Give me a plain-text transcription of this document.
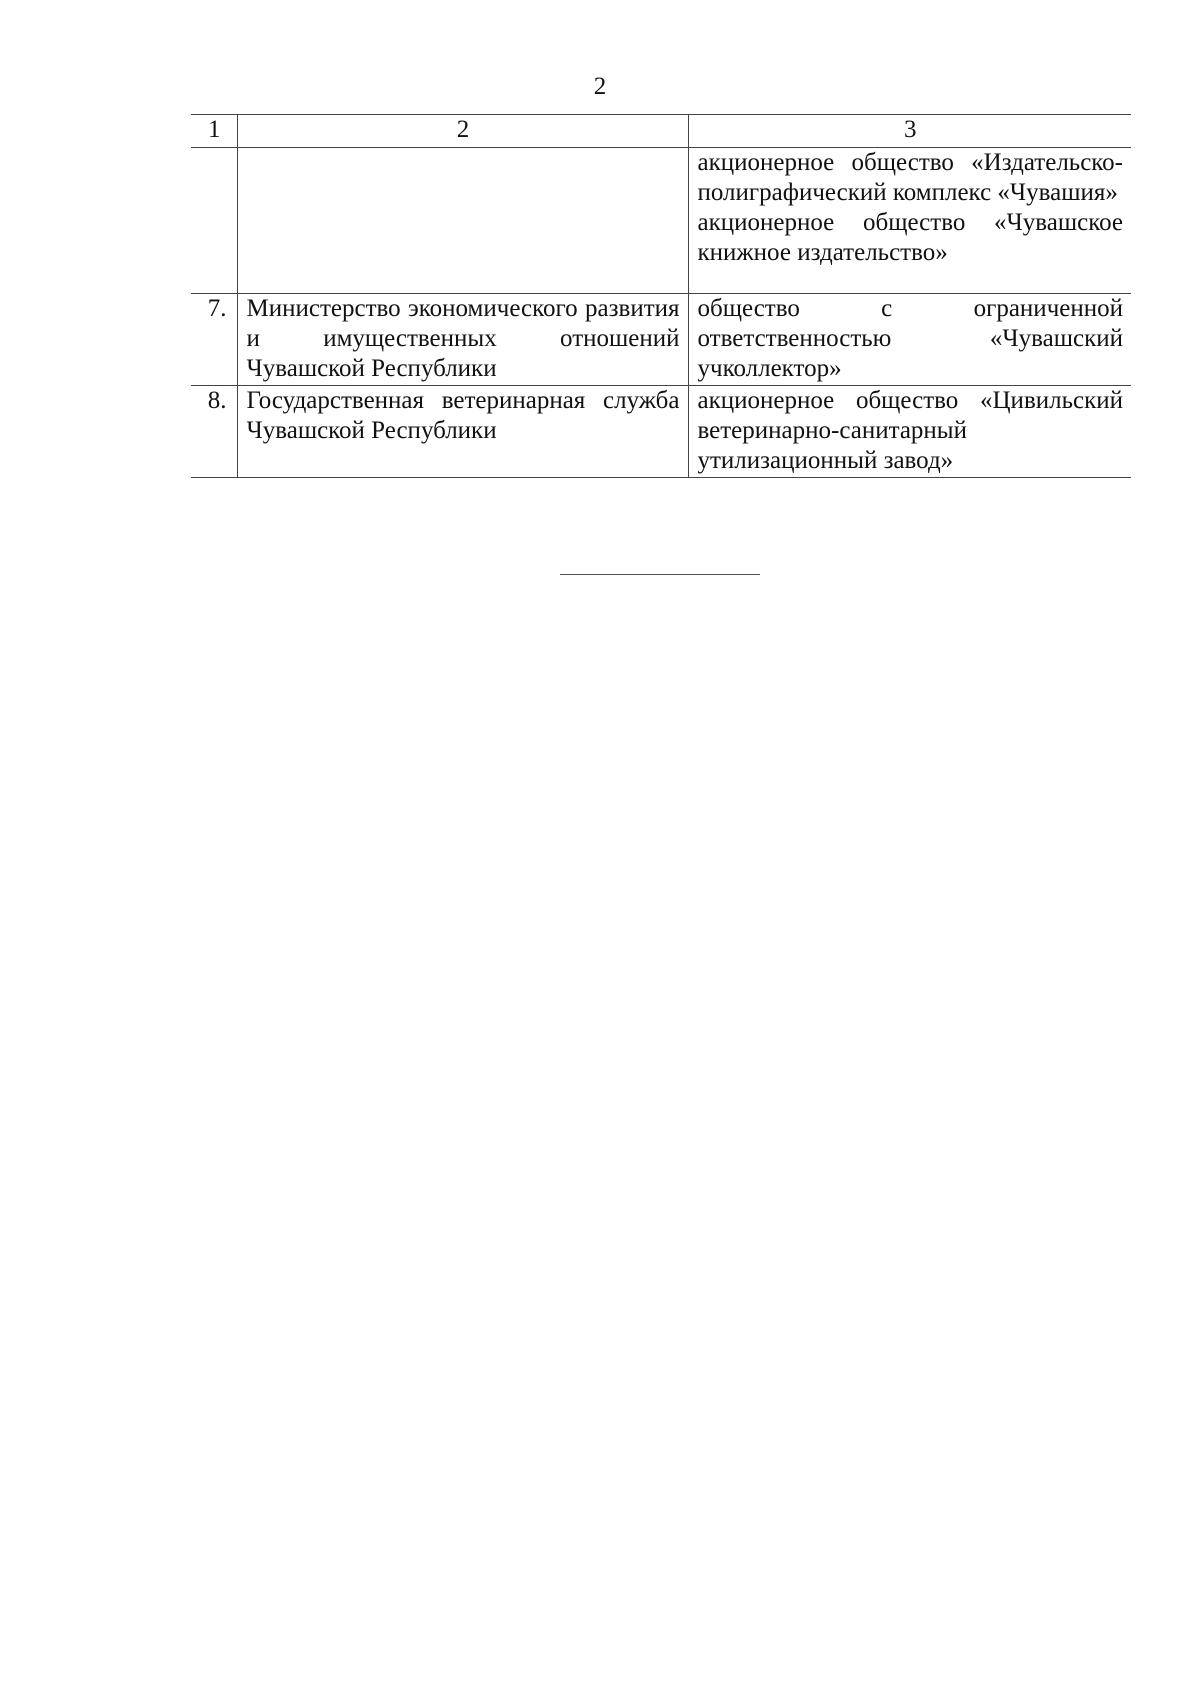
2
1	2	3

		акционерное общество «Издательско-полиграфический комплекс «Чувашия»
акционерное общество «Чувашское книжное издательство»

7.	Министерство экономического развития и имущественных отношений Чувашской Республики	общество с ограниченной ответственностью «Чувашский учколлектор»

8.	Государственная ветеринарная служба Чувашской Республики	акционерное общество «Цивильский ветеринарно-санитарный утилизационный завод»
